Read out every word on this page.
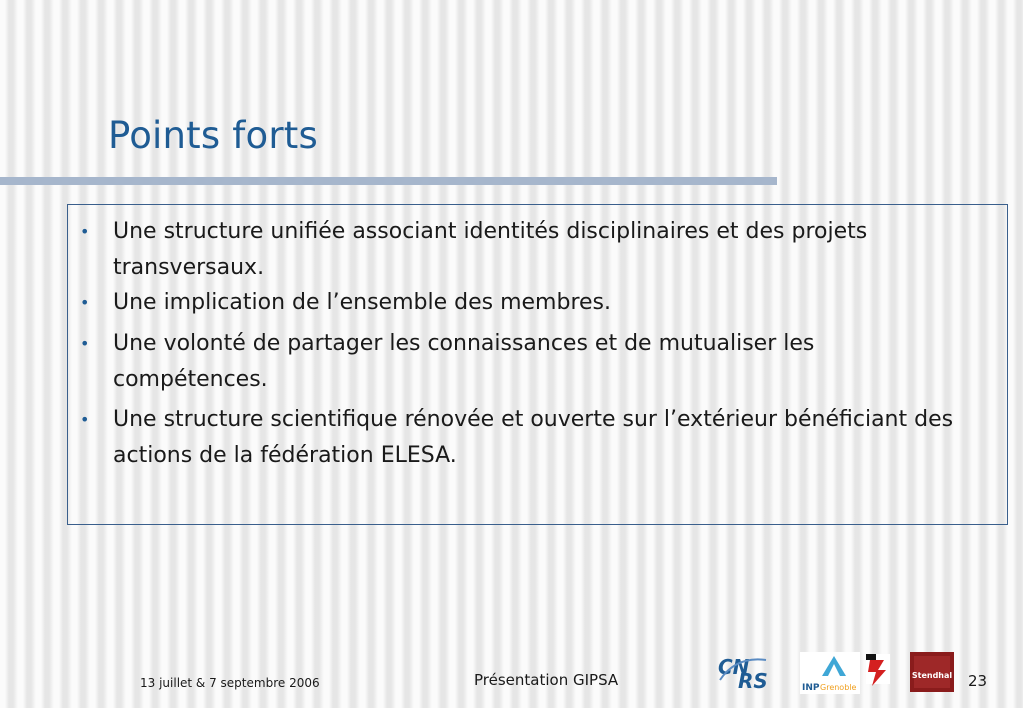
Points forts
• Une structure unifiée associant identités disciplinaires et des projets transversaux.
• Une implication de l’ensemble des membres.
• Une volonté de partager les connaissances et de mutualiser les compétences.
• Une structure scientifique rénovée et ouverte sur l’extérieur bénéficiant des actions de la fédération ELESA.
13 juillet & 7 septembre 2006	Présentation GIPSA
CN
RS	INP Grenoble
Stendhal 23
